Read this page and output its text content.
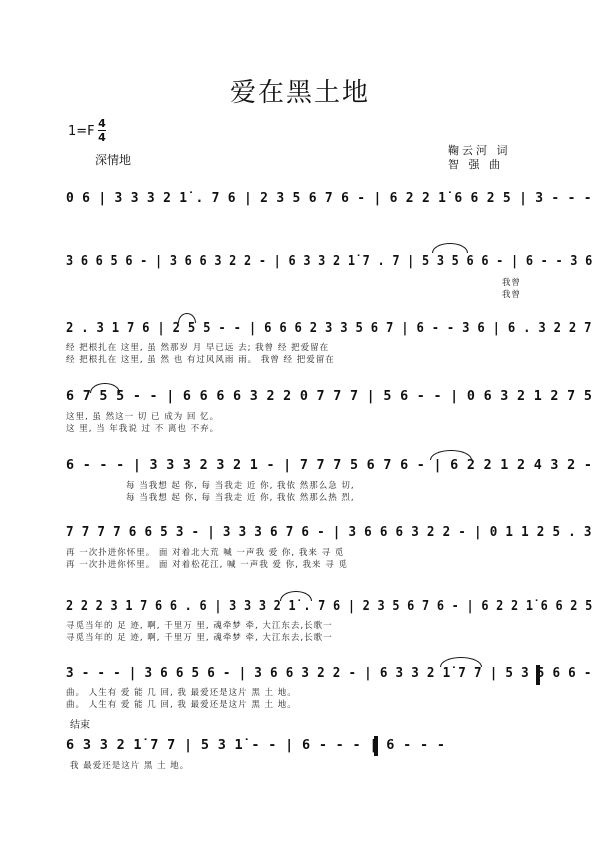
爱在黑土地
1=F
4
4
深情地
鞠云河 词
智 强 曲
0 6 | 3 3 3 2 1̇ . 7 6 | 2 3 5 6 7 6 - | 6 2 2 1̇ 6 6 2 5 | 3 - - -
3 6 6 5 6 - | 3 6 6 3 2 2 - | 6 3 3 2 1̇ 7 . 7 | 5 3 5 6 6 - | 6 - - 3 6
我曾
我曾
2 . 3 1 7 6 | 2 5 5 - - | 6 6 6 2 3 3 5 6 7 | 6 - - 3 6 | 6 . 3 2 2 7
经 把根扎在 这里, 虽 然那岁 月 早已远 去; 我曾 经 把爱留在
经 把根扎在 这里, 虽 然 也 有过风风雨 雨。 我曾 经 把爱留在
6 7 5 5 - - | 6 6 6 6 3 2 2 0 7 7 7 | 5 6 - - | 0 6 3 2 1 2 7 5
这里, 虽 然这一 切 已 成为 回 忆。
这 里, 当 年我说 过 不 离也 不弃。
6 - - - | 3 3 3 2 3 2 1 - | 7 7 7 5 6 7 6 - | 6 2 2 1 2 4 3 2 -
每 当我想 起 你, 每 当我走 近 你, 我依 然那么急 切,
每 当我想 起 你, 每 当我走 近 你, 我依 然那么热 烈,
7 7 7 7 6 6 5 3 - | 3 3 3 6 7 6 - | 3 6 6 6 3 2 2 - | 0 1 1 2 5 . 3
再 一次扑进你怀里。 面 对着北大荒 喊 一声我 爱 你, 我来 寻 觅
再 一次扑进你怀里。 面 对着松花江, 喊 一声我 爱 你, 我来 寻 觅
2 2 2 3 1 7 6 6 . 6 | 3 3 3 2 1̇ . 7 6 | 2 3 5 6 7 6 - | 6 2 2 1̇ 6 6 2 5
寻觅当年的 足 迹, 啊, 千里万 里, 魂牵梦 牵, 大江东去,长歌一
寻觅当年的 足 迹, 啊, 千里万 里, 魂牵梦 牵, 大江东去,长歌一
3 - - - | 3 6 6 5 6 - | 3 6 6 3 2 2 - | 6 3 3 2 1̇ 7 7 | 5 3 5 6 6 -
曲。 人生有 爱 能 几 回, 我 最爱还是这片 黑 土 地。
曲。 人生有 爱 能 几 回, 我 最爱还是这片 黑 土 地。
结束
6 3 3 2 1̇ 7 7 | 5 3 1̇ - - | 6 - - - | 6 - - -
我 最爱还是这片 黑 土 地。
